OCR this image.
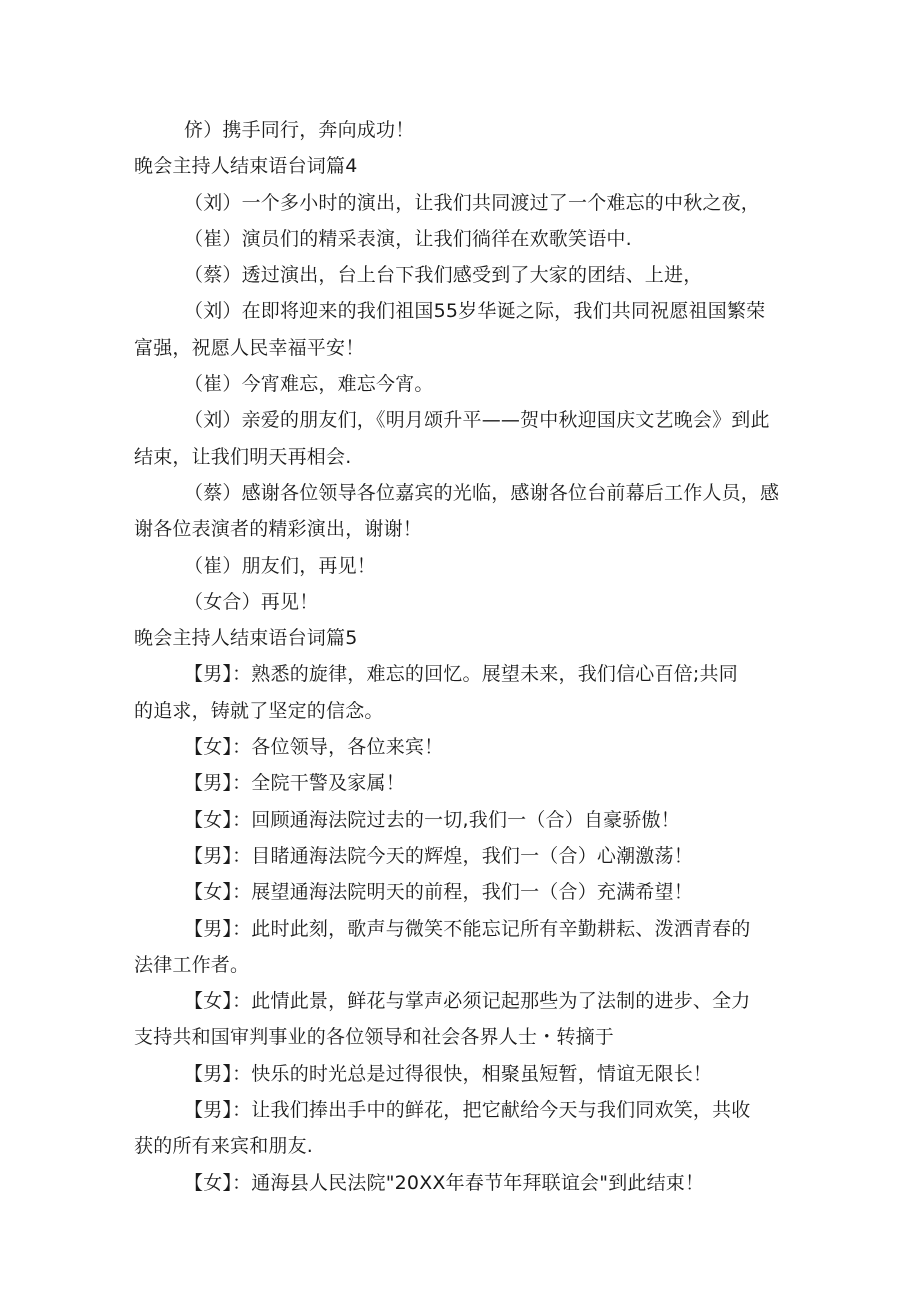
侪）携手同行，奔向成功！
晚会主持人结束语台词篇4
（刘）一个多小时的演出，让我们共同渡过了一个难忘的中秋之夜，
（崔）演员们的精采表演，让我们徜徉在欢歌笑语中.
（蔡）透过演出，台上台下我们感受到了大家的团结、上进，
（刘）在即将迎来的我们祖国55岁华诞之际，我们共同祝愿祖国繁荣
富强，祝愿人民幸福平安！
（崔）今宵难忘，难忘今宵。
（刘）亲爱的朋友们，《明月颂升平——贺中秋迎国庆文艺晚会》到此
结束，让我们明天再相会.
（蔡）感谢各位领导各位嘉宾的光临，感谢各位台前幕后工作人员，感
谢各位表演者的精彩演出，谢谢！
（崔）朋友们，再见！
（女合）再见！
晚会主持人结束语台词篇5
【男】：熟悉的旋律，难忘的回忆。展望未来，我们信心百倍;共同
的追求，铸就了坚定的信念。
【女】：各位领导，各位来宾！
【男】：全院干警及家属！
【女】：回顾通海法院过去的一切,我们一（合）自豪骄傲！
【男】：目睹通海法院今天的辉煌，我们一（合）心潮激荡！
【女】：展望通海法院明天的前程，我们一（合）充满希望！
【男】：此时此刻，歌声与微笑不能忘记所有辛勤耕耘、泼洒青春的
法律工作者。
【女】：此情此景，鲜花与掌声必须记起那些为了法制的进步、全力
支持共和国审判事业的各位领导和社会各界人士・转摘于
【男】：快乐的时光总是过得很快，相聚虽短暂，情谊无限长！
【男】：让我们捧出手中的鲜花，把它献给今天与我们同欢笑，共收
获的所有来宾和朋友.
【女】：通海县人民法院"20XX年春节年拜联谊会"到此结束！
